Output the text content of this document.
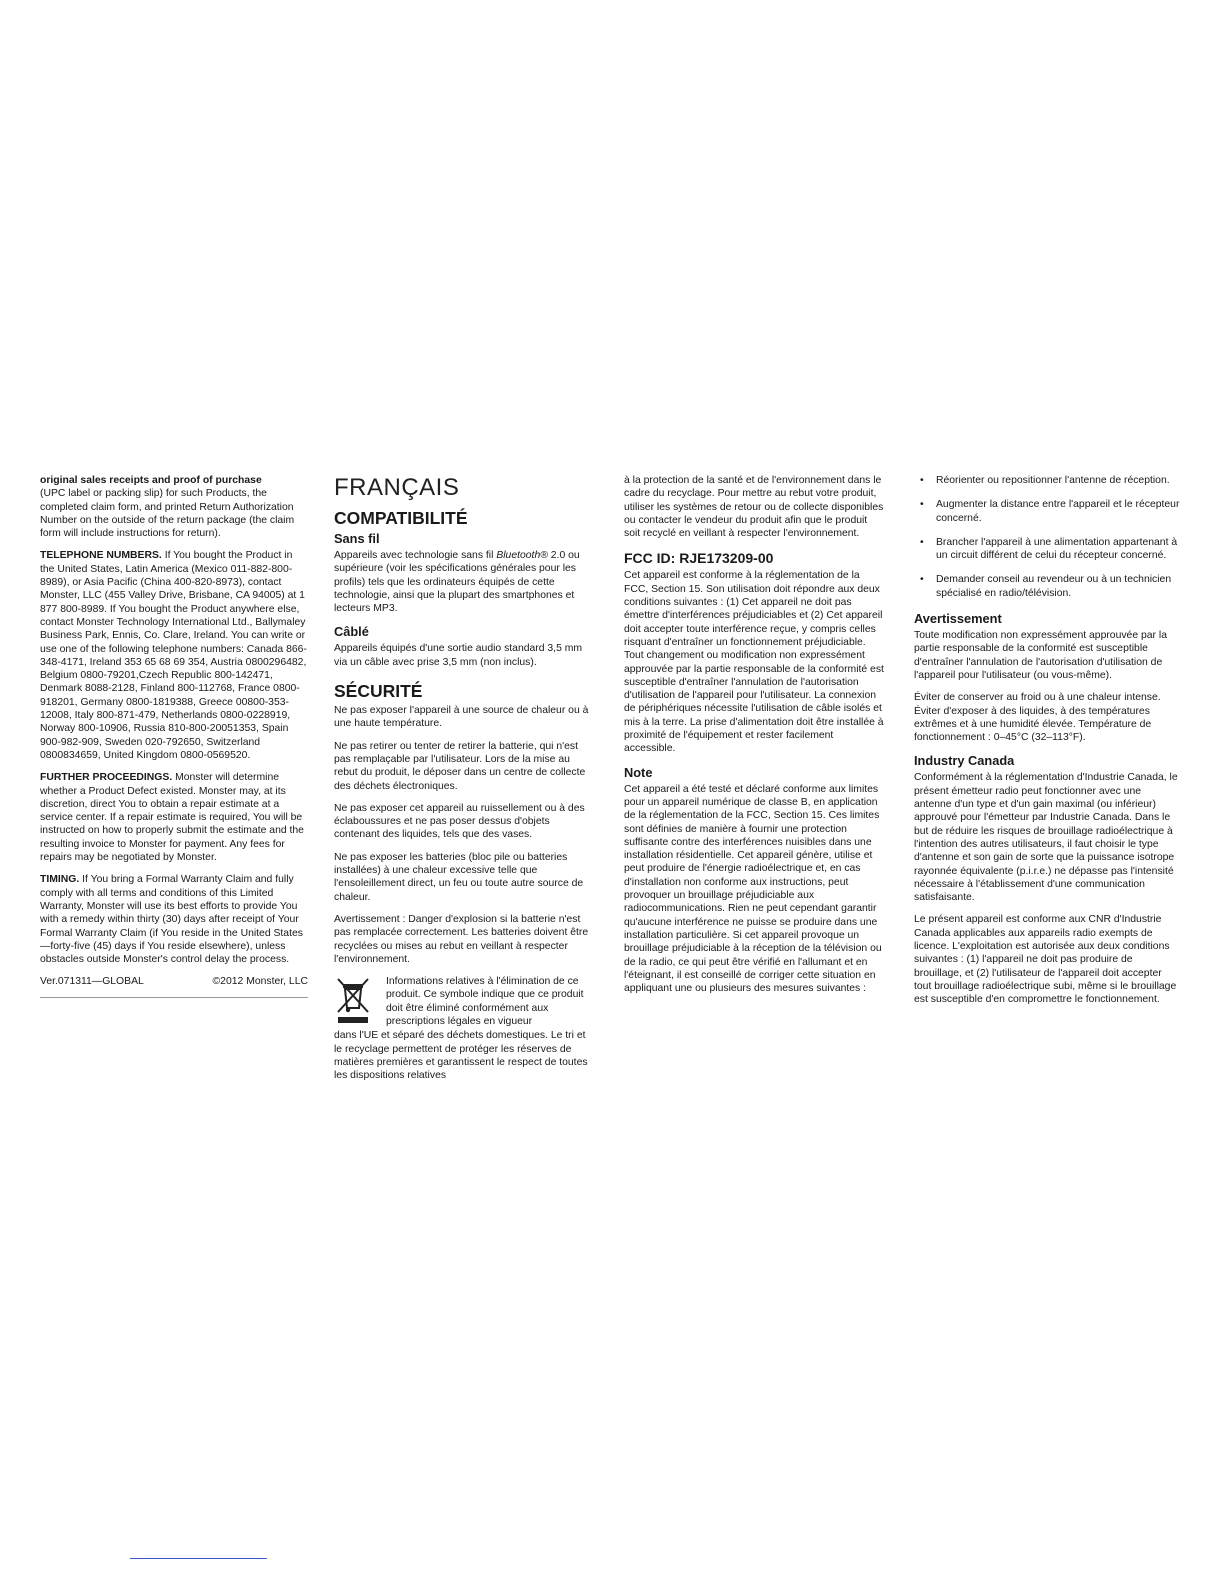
original sales receipts and proof of purchase
(UPC label or packing slip) for such Products, the completed claim form, and printed Return Authorization Number on the outside of the return package (the claim form will include instructions for return).

TELEPHONE NUMBERS. If You bought the Product in the United States, Latin America (Mexico 011-882-800-8989), or Asia Pacific (China 400-820-8973), contact Monster, LLC (455 Valley Drive, Brisbane, CA 94005) at 1 877 800-8989. If You bought the Product anywhere else, contact Monster Technology International Ltd., Ballymaley Business Park, Ennis, Co. Clare, Ireland. You can write or use one of the following telephone numbers: Canada 866-348-4171, Ireland 353 65 68 69 354, Austria 0800296482, Belgium 0800-79201,Czech Republic 800-142471, Denmark 8088-2128, Finland 800-112768, France 0800-918201, Germany 0800-1819388, Greece 00800-353-12008, Italy 800-871-479, Netherlands 0800-0228919, Norway 800-10906, Russia 810-800-20051353, Spain 900-982-909, Sweden 020-792650, Switzerland 0800834659, United Kingdom 0800-0569520.

FURTHER PROCEEDINGS. Monster will determine whether a Product Defect existed. Monster may, at its discretion, direct You to obtain a repair estimate at a service center. If a repair estimate is required, You will be instructed on how to properly submit the estimate and the resulting invoice to Monster for payment. Any fees for repairs may be negotiated by Monster.

TIMING. If You bring a Formal Warranty Claim and fully comply with all terms and conditions of this Limited Warranty, Monster will use its best efforts to provide You with a remedy within thirty (30) days after receipt of Your Formal Warranty Claim (if You reside in the United States—forty-five (45) days if You reside elsewhere), unless obstacles outside Monster's control delay the process.

Ver.071311—GLOBAL	©2012 Monster, LLC
FRANÇAIS
COMPATIBILITÉ
Sans fil

Appareils avec technologie sans fil Bluetooth® 2.0 ou supérieure (voir les spécifications générales pour les profils) tels que les ordinateurs équipés de cette technologie, ainsi que la plupart des smartphones et lecteurs MP3.

Câblé

Appareils équipés d'une sortie audio standard 3,5 mm via un câble avec prise 3,5 mm (non inclus).

SÉCURITÉ

Ne pas exposer l'appareil à une source de chaleur ou à une haute température.

Ne pas retirer ou tenter de retirer la batterie, qui n'est pas remplaçable par l'utilisateur. Lors de la mise au rebut du produit, le déposer dans un centre de collecte des déchets électroniques.

Ne pas exposer cet appareil au ruissellement ou à des éclaboussures et ne pas poser dessus d'objets contenant des liquides, tels que des vases.

Ne pas exposer les batteries (bloc pile ou batteries installées) à une chaleur excessive telle que l'ensoleillement direct, un feu ou toute autre source de chaleur.

Avertissement : Danger d'explosion si la batterie n'est pas remplacée correctement. Les batteries doivent être recyclées ou mises au rebut en veillant à respecter l'environnement.

Informations relatives à l'élimination de ce produit. Ce symbole indique que ce produit doit être éliminé conformément aux prescriptions légales en vigueur

dans l'UE et séparé des déchets domestiques. Le tri et le recyclage permettent de protéger les réserves de matières premières et garantissent le respect de toutes les dispositions relatives

à la protection de la santé et de l'environnement dans le cadre du recyclage. Pour mettre au rebut votre produit, utiliser les systèmes de retour ou de collecte disponibles ou contacter le vendeur du produit afin que le produit soit recyclé en veillant à respecter l'environnement.

FCC ID: RJE173209-00

Cet appareil est conforme à la réglementation de la FCC, Section 15. Son utilisation doit répondre aux deux conditions suivantes : (1) Cet appareil ne doit pas émettre d'interférences préjudiciables et (2) Cet appareil doit accepter toute interférence reçue, y compris celles risquant d'entraîner un fonctionnement préjudiciable. Tout changement ou modification non expressément approuvée par la partie responsable de la conformité est susceptible d'entraîner l'annulation de l'autorisation d'utilisation de l'appareil pour l'utilisateur. La connexion de périphériques nécessite l'utilisation de câble isolés et mis à la terre. La prise d'alimentation doit être installée à proximité de l'équipement et rester facilement accessible.

Note

Cet appareil a été testé et déclaré conforme aux limites pour un appareil numérique de classe B, en application de la réglementation de la FCC, Section 15. Ces limites sont définies de manière à fournir une protection suffisante contre des interférences nuisibles dans une installation résidentielle. Cet appareil génère, utilise et peut produire de l'énergie radioélectrique et, en cas d'installation non conforme aux instructions, peut provoquer un brouillage préjudiciable aux radiocommunications. Rien ne peut cependant garantir qu'aucune interférence ne puisse se produire dans une installation particulière. Si cet appareil provoque un brouillage préjudiciable à la réception de la télévision ou de la radio, ce qui peut être vérifié en l'allumant et en l'éteignant, il est conseillé de corriger cette situation en appliquant une ou plusieurs des mesures suivantes :

• Réorienter ou repositionner l'antenne de réception.
• Augmenter la distance entre l'appareil et le récepteur concerné.
• Brancher l'appareil à une alimentation appartenant à un circuit différent de celui du récepteur concerné.
• Demander conseil au revendeur ou à un technicien spécialisé en radio/télévision.
Avertissement

Toute modification non expressément approuvée par la partie responsable de la conformité est susceptible d'entraîner l'annulation de l'autorisation d'utilisation de l'appareil pour l'utilisateur (ou vous-même).

Éviter de conserver au froid ou à une chaleur intense. Éviter d'exposer à des liquides, à des températures extrêmes et à une humidité élevée. Température de fonctionnement : 0–45°C (32–113°F).

Industry Canada

Conformément à la réglementation d'Industrie Canada, le présent émetteur radio peut fonctionner avec une antenne d'un type et d'un gain maximal (ou inférieur) approuvé pour l'émetteur par Industrie Canada. Dans le but de réduire les risques de brouillage radioélectrique à l'intention des autres utilisateurs, il faut choisir le type d'antenne et son gain de sorte que la puissance isotrope rayonnée équivalente (p.i.r.e.) ne dépasse pas l'intensité nécessaire à l'établissement d'une communication satisfaisante.

Le présent appareil est conforme aux CNR d'Industrie Canada applicables aux appareils radio exempts de licence. L'exploitation est autorisée aux deux conditions suivantes : (1) l'appareil ne doit pas produire de brouillage, et (2) l'utilisateur de l'appareil doit accepter tout brouillage radioélectrique subi, même si le brouillage est susceptible d'en compromettre le fonctionnement.
